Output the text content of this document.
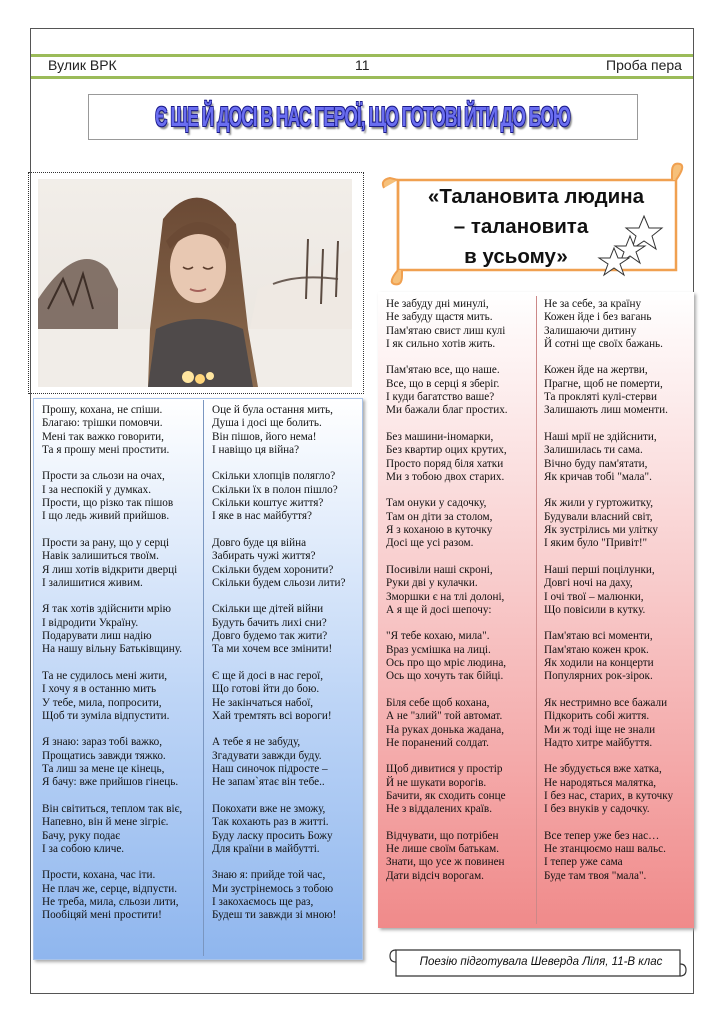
Вулик ВРК	11	Проба пера
Є ЩЕ Й ДОСІ В НАС ГЕРОЇ, ЩО ГОТОВІ ЙТИ ДО БОЮ
Прошу, кохана, не спіши.
Благаю: трішки помовчи.
Мені так важко говорити,
Та я прошу мені простити.

Прости за сльози на очах,
І за неспокій у думках.
Прости, що різко так пішов
І що ледь живий прийшов.

Прости за рану, що у серці
Навік залишиться твоїм.
Я лиш хотів відкрити дверці
І залишитися живим.

Я так хотів здійснити мрію
І відродити Україну.
Подарувати лиш надію
На нашу вільну Батьківщину.

Та не судилось мені жити,
І хочу я в останню мить
У тебе, мила, попросити,
Щоб ти зуміла відпустити.

Я знаю: зараз тобі важко,
Прощатись завжди тяжко.
Та лиш за мене це кінець,
Я бачу: вже прийшов гінець.

Він світиться, теплом так віє,
Напевно, він й мене зігріє.
Бачу, руку подає
І за собою кличе.

Прости, кохана, час іти.
Не плач же, серце, відпусти.
Не треба, мила, сльози лити,
Пообіцяй мені простити!
Оце й була остання мить,
Душа і досі ще болить.
Він пішов, його нема!
І навіщо ця війна?

Скільки хлопців полягло?
Скільки їх в полон пішло?
Скільки коштує життя?
І яке в нас майбуття?

Довго буде ця війна
Забирать чужі життя?
Скільки будем хоронити?
Скільки будем сльози лити?

Скільки ще дітей війни
Будуть бачить лихі сни?
Довго будемо так жити?
Та ми хочем все змінити!

Є ще й досі в нас герої,
Що готові йти до бою.
Не закінчаться набої,
Хай тремтять всі вороги!

А тебе я не забуду,
Згадувати завжди буду.
Наш синочок підросте –
Не запам`ятає він тебе..

Покохати вже не зможу,
Так кохають раз в житті.
Буду ласку просить Божу
Для країни в майбутті.

Знаю я: прийде той час,
Ми зустрінемось з тобою
І закохаємось ще раз,
Будеш ти завжди зі мною!
«Талановита людина
– талановита
в усьому»
Не забуду дні минулі,
Не забуду щастя мить.
Пам'ятаю свист лиш кулі
І як сильно хотів жить.

Пам'ятаю все, що наше.
Все, що в серці я зберіг.
І куди багатство ваше?
Ми бажали благ простих.

Без машини-іномарки,
Без квартир оцих крутих,
Просто поряд біля хатки
Ми з тобою двох старих.

Там онуки у садочку,
Там он діти за столом,
Я з коханою в куточку
Досі ще усі разом.

Посивіли наші скроні,
Руки дві у кулачки.
Зморшки є на тлі долоні,
А я ще й досі шепочу:

"Я тебе кохаю, мила".
Враз усмішка на лиці.
Ось про що мріє людина,
Ось що хочуть так бійці.

Біля себе щоб кохана,
А не "злий" той автомат.
На руках донька жадана,
Не поранений солдат.

Щоб дивитися у простір
Й не шукати ворогів.
Бачити, як сходить сонце
Не з віддалених країв.

Відчувати, що потрібен
Не лише своїм батькам.
Знати, що усе ж повинен
Дати відсіч ворогам.
Не за себе, за країну
Кожен йде і без вагань
Залишаючи дитину
Й сотні ще своїх бажань.

Кожен йде на жертви,
Прагне, щоб не померти,
Та прокляті кулі-стерви
Залишають лиш моменти.

Наші мрії не здійснити,
Залишилась ти сама.
Вічно буду пам'ятати,
Як кричав тобі "мала".

Як жили у гуртожитку,
Будували власний світ,
Як зустрілись ми улітку
І яким було "Привіт!"

Наші перші поцілунки,
Довгі ночі на даху,
І очі твої – малюнки,
Що повісили в кутку.

Пам'ятаю всі моменти,
Пам'ятаю кожен крок.
Як ходили на концерти
Популярних рок-зірок.

Як нестримно все бажали
Підкорить собі життя.
Ми ж тоді іще не знали
Надто хитре майбуття.

Не збудується вже хатка,
Не народяться малятка,
І без нас, старих, в куточку
І без внуків у садочку.

Все тепер уже без нас…
Не зтанцюємо наш вальс.
І тепер уже сама
Буде там твоя "мала".
Поезію підготувала Шеверда Ліля, 11-В клас
